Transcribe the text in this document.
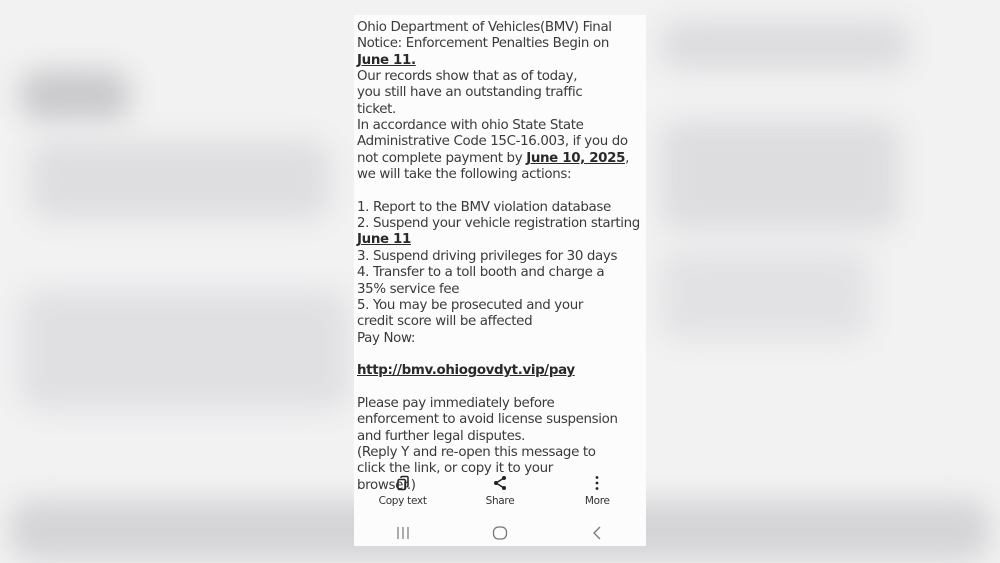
Ohio Department of Vehicles(BMV) Final
Notice: Enforcement Penalties Begin on June 11.

Our records show that as of today, you still have an outstanding traffic ticket.

In accordance with ohio State State Administrative Code 15C-16.003, if you do not complete payment by June 10, 2025, we will take the following actions:

1. Report to the BMV violation database

2. Suspend your vehicle registration starting June 11

3. Suspend driving privileges for 30 days

4. Transfer to a toll booth and charge a 35% service fee

5. You may be prosecuted and your credit score will be affected

Pay Now:

http://bmv.ohiogovdyt.vip/pay

Please pay immediately before enforcement to avoid license suspension and further legal disputes.

(Reply Y and re-open this message to click the link, or copy it to your browser.)

Copy text	Share	More
